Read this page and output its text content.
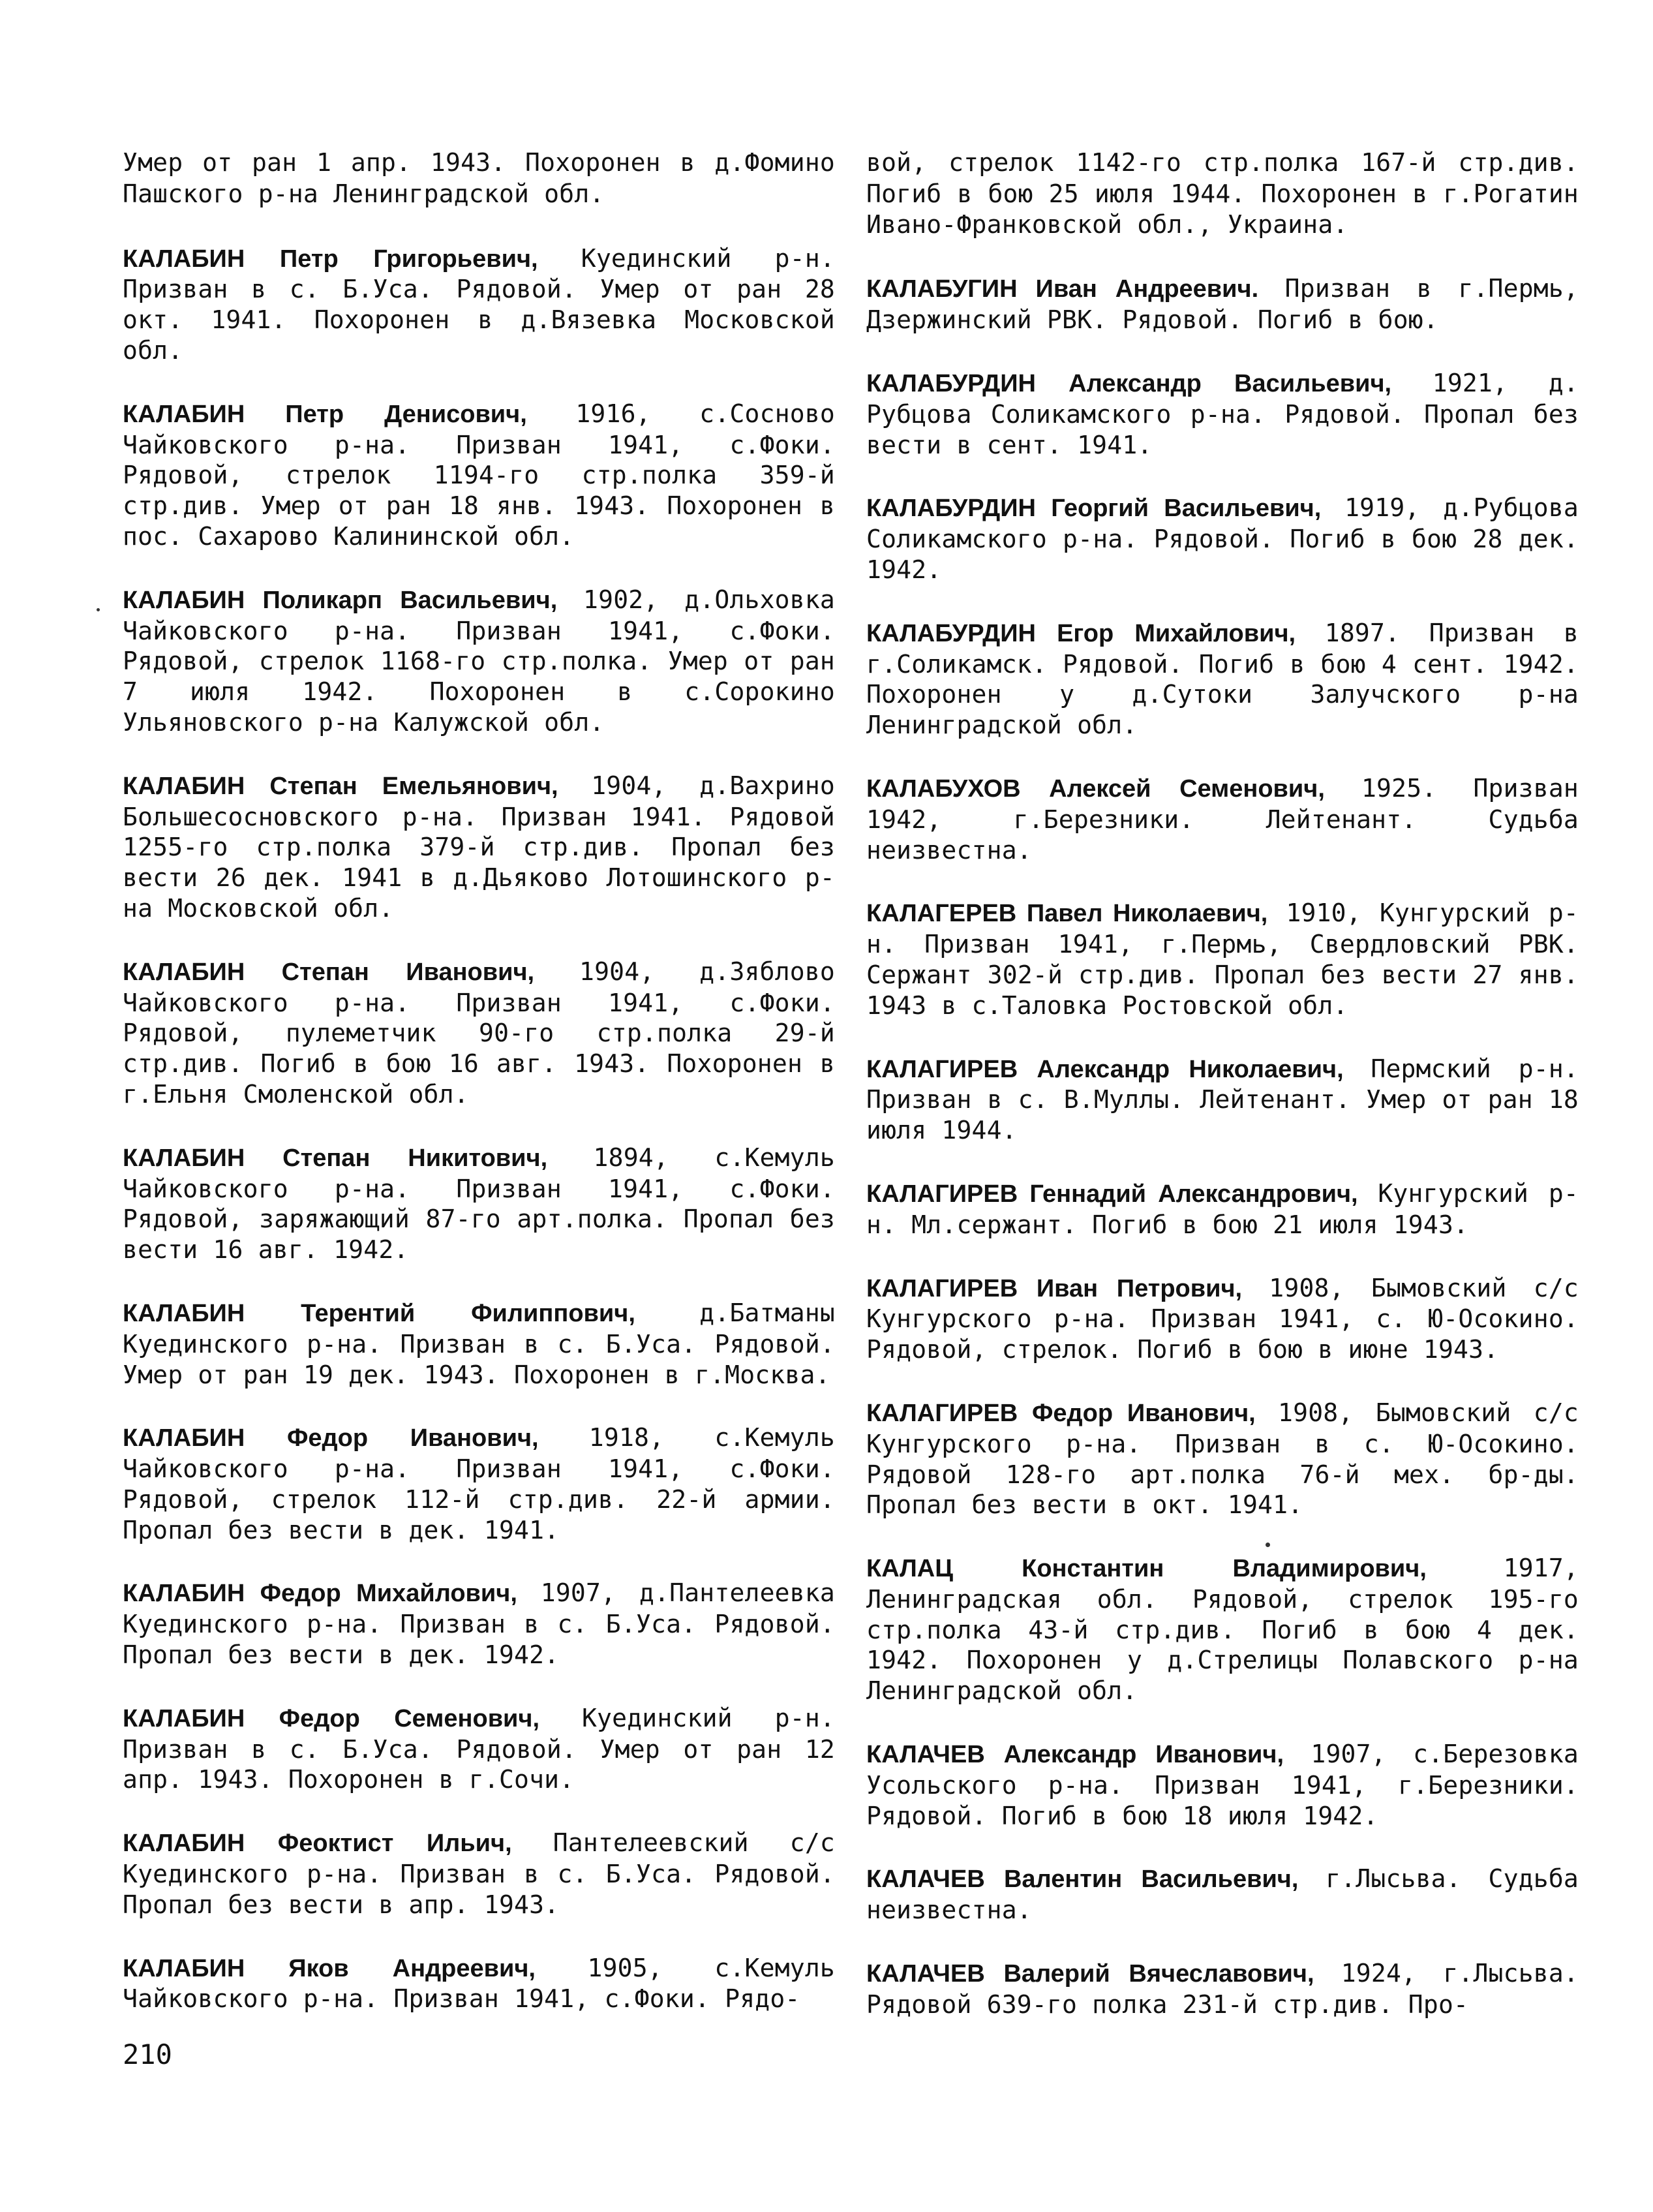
Умер от ран 1 апр. 1943. Похоронен в д.Фомино Пашского р-на Ленинградской обл.

КАЛАБИН Петр Григорьевич, Куединский р-н. Призван в с. Б.Уса. Рядовой. Умер от ран 28 окт. 1941. Похоронен в д.Вязевка Московской обл.

КАЛАБИН Петр Денисович, 1916, с.Сосново Чайковского р-на. Призван 1941, с.Фоки. Рядовой, стрелок 1194-го стр.полка 359-й стр.див. Умер от ран 18 янв. 1943. Похоронен в пос. Сахарово Калининской обл.

КАЛАБИН Поликарп Васильевич, 1902, д.Ольховка Чайковского р-на. Призван 1941, с.Фоки. Рядовой, стрелок 1168-го стр.полка. Умер от ран 7 июля 1942. Похоронен в с.Сорокино Ульяновского р-на Калужской обл.

КАЛАБИН Степан Емельянович, 1904, д.Вахрино Большесосновского р-на. Призван 1941. Рядовой 1255-го стр.полка 379-й стр.див. Пропал без вести 26 дек. 1941 в д.Дьяково Лотошинского р-на Московской обл.

КАЛАБИН Степан Иванович, 1904, д.Зяблово Чайковского р-на. Призван 1941, с.Фоки. Рядовой, пулеметчик 90-го стр.полка 29-й стр.див. Погиб в бою 16 авг. 1943. Похоронен в г.Ельня Смоленской обл.

КАЛАБИН Степан Никитович, 1894, с.Кемуль Чайковского р-на. Призван 1941, с.Фоки. Рядовой, заряжающий 87-го арт.полка. Пропал без вести 16 авг. 1942.

КАЛАБИН Терентий Филиппович, д.Батманы Куединского р-на. Призван в с. Б.Уса. Рядовой. Умер от ран 19 дек. 1943. Похоронен в г.Москва.

КАЛАБИН Федор Иванович, 1918, с.Кемуль Чайковского р-на. Призван 1941, с.Фоки. Рядовой, стрелок 112-й стр.див. 22-й армии. Пропал без вести в дек. 1941.

КАЛАБИН Федор Михайлович, 1907, д.Пантелеевка Куединского р-на. Призван в с. Б.Уса. Рядовой. Пропал без вести в дек. 1942.

КАЛАБИН Федор Семенович, Куединский р-н. Призван в с. Б.Уса. Рядовой. Умер от ран 12 апр. 1943. Похоронен в г.Сочи.

КАЛАБИН Феоктист Ильич, Пантелеевский с/с Куединского р-на. Призван в с. Б.Уса. Рядовой. Пропал без вести в апр. 1943.

КАЛАБИН Яков Андреевич, 1905, с.Кемуль Чайковского р-на. Призван 1941, с.Фоки. Рядо-

вой, стрелок 1142-го стр.полка 167-й стр.див. Погиб в бою 25 июля 1944. Похоронен в г.Рогатин Ивано-Франковской обл., Украина.

КАЛАБУГИН Иван Андреевич. Призван в г.Пермь, Дзержинский РВК. Рядовой. Погиб в бою.

КАЛАБУРДИН Александр Васильевич, 1921, д. Рубцова Соликамского р-на. Рядовой. Пропал без вести в сент. 1941.

КАЛАБУРДИН Георгий Васильевич, 1919, д.Рубцова Соликамского р-на. Рядовой. Погиб в бою 28 дек. 1942.

КАЛАБУРДИН Егор Михайлович, 1897. Призван в г.Соликамск. Рядовой. Погиб в бою 4 сент. 1942. Похоронен у д.Сутоки Залучского р-на Ленинградской обл.

КАЛАБУХОВ Алексей Семенович, 1925. Призван 1942, г.Березники. Лейтенант. Судьба неизвестна.

КАЛАГЕРЕВ Павел Николаевич, 1910, Кунгурский р-н. Призван 1941, г.Пермь, Свердловский РВК. Сержант 302-й стр.див. Пропал без вести 27 янв. 1943 в с.Таловка Ростовской обл.

КАЛАГИРЕВ Александр Николаевич, Пермский р-н. Призван в с. В.Муллы. Лейтенант. Умер от ран 18 июля 1944.

КАЛАГИРЕВ Геннадий Александрович, Кунгурский р-н. Мл.сержант. Погиб в бою 21 июля 1943.

КАЛАГИРЕВ Иван Петрович, 1908, Бымовский с/с Кунгурского р-на. Призван 1941, с. Ю-Осокино. Рядовой, стрелок. Погиб в бою в июне 1943.

КАЛАГИРЕВ Федор Иванович, 1908, Бымовский с/с Кунгурского р-на. Призван в с. Ю-Осокино. Рядовой 128-го арт.полка 76-й мех. бр-ды. Пропал без вести в окт. 1941.

КАЛАЦ Константин Владимирович, 1917, Ленинградская обл. Рядовой, стрелок 195-го стр.полка 43-й стр.див. Погиб в бою 4 дек. 1942. Похоронен у д.Стрелицы Полавского р-на Ленинградской обл.

КАЛАЧЕВ Александр Иванович, 1907, с.Березовка Усольского р-на. Призван 1941, г.Березники. Рядовой. Погиб в бою 18 июля 1942.

КАЛАЧЕВ Валентин Васильевич, г.Лысьва. Судьба неизвестна.

КАЛАЧЕВ Валерий Вячеславович, 1924, г.Лысьва. Рядовой 639-го полка 231-й стр.див. Про-

210
